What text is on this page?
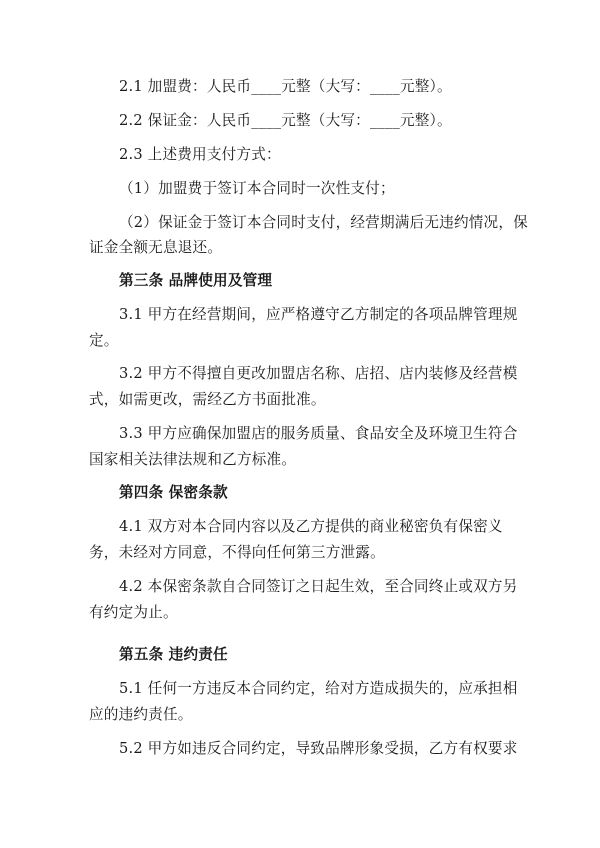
2.1 加盟费：人民币____元整（大写：____元整）。
2.2 保证金：人民币____元整（大写：____元整）。
2.3 上述费用支付方式：
（1）加盟费于签订本合同时一次性支付；
（2）保证金于签订本合同时支付，经营期满后无违约情况，保
证金全额无息退还。
第三条 品牌使用及管理
3.1 甲方在经营期间，应严格遵守乙方制定的各项品牌管理规
定。
3.2 甲方不得擅自更改加盟店名称、店招、店内装修及经营模
式，如需更改，需经乙方书面批准。
3.3 甲方应确保加盟店的服务质量、食品安全及环境卫生符合
国家相关法律法规和乙方标准。
第四条 保密条款
4.1 双方对本合同内容以及乙方提供的商业秘密负有保密义
务，未经对方同意，不得向任何第三方泄露。
4.2 本保密条款自合同签订之日起生效，至合同终止或双方另
有约定为止。
第五条 违约责任
5.1 任何一方违反本合同约定，给对方造成损失的，应承担相
应的违约责任。
5.2 甲方如违反合同约定，导致品牌形象受损，乙方有权要求
